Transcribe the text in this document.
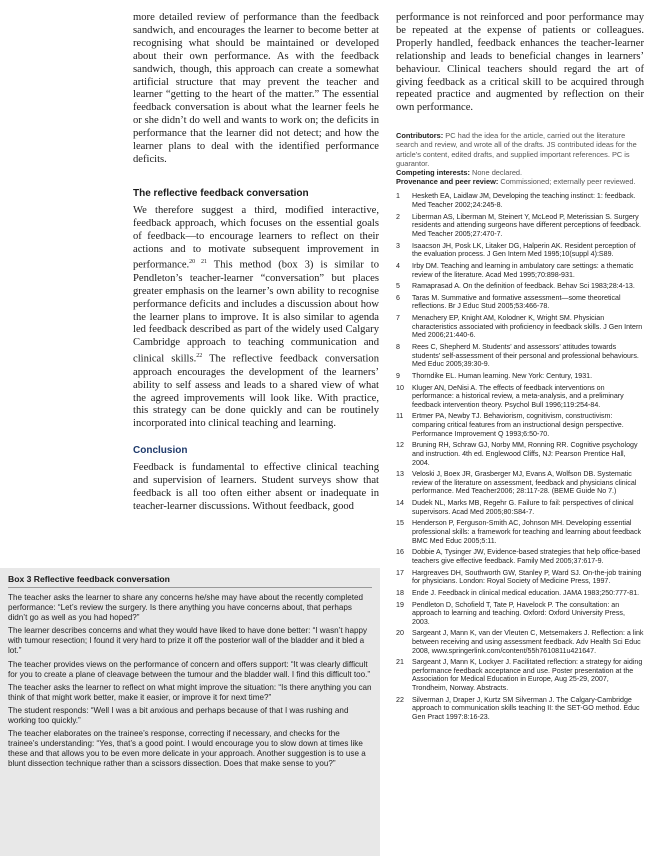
more detailed review of performance than the feedback sandwich, and encourages the learner to become better at recognising what should be maintained or developed about their own performance. As with the feedback sandwich, though, this approach can create a somewhat artificial structure that may prevent the teacher and learner “getting to the heart of the matter.” The essential feedback conversation is about what the learner feels he or she didn’t do well and wants to work on; the deficits in performance that the learner did not detect; and how the learner plans to deal with the identified performance deficits.

The reflective feedback conversation

We therefore suggest a third, modified interactive, feedback approach, which focuses on the essential goals of feedback—to encourage learners to reflect on their actions and to motivate subsequent improvement in performance.$^{20 21}$ This method (box 3) is similar to Pendleton’s teacher-learner “conversation” but places greater emphasis on the learner’s own ability to recognise performance deficits and includes a discussion about how the learner plans to improve. It is also similar to agenda led feedback described as part of the widely used Calgary Cambridge approach to teaching communication and clinical skills.$^{22}$ The reflective feedback conversation approach encourages the development of the learners’ ability to self assess and leads to a shared view of what the agreed improvements will look like. With practice, this strategy can be done quickly and can be routinely incorporated into clinical teaching and learning.

Conclusion

Feedback is fundamental to effective clinical teaching and supervision of learners. Student surveys show that feedback is all too often either absent or inadequate in teacher-learner discussions. Without feedback, good

performance is not reinforced and poor performance may be repeated at the expense of patients or colleagues. Properly handled, feedback enhances the teacher-learner relationship and leads to beneficial changes in learners’ behaviour. Clinical teachers should regard the art of giving feedback as a critical skill to be acquired through repeated practice and augmented by reflection on their own performance.

Contributors: PC had the idea for the article, carried out the literature search and review, and wrote all of the drafts. JS contributed ideas for the article’s content, edited drafts, and supplied important references. PC is guarantor.

Competing interests: None declared.

Provenance and peer review: Commissioned; externally peer reviewed.

1	Hesketh EA, Laidlaw JM, Developing the teaching instinct: 1: feedback. Med Teacher 2002;24:245-8.
2	Liberman AS, Liberman M, Steinert Y, McLeod P, Meterissian S. Surgery residents and attending surgeons have different perceptions of feedback. Med Teacher 2005;27:470-7.
3	Isaacson JH, Posk LK, Litaker DG, Halperin AK. Resident perception of the evaluation process. J Gen Intern Med 1995;10(suppl 4):S89.
4	Irby DM. Teaching and learning in ambulatory care settings: a thematic review of the literature. Acad Med 1995;70:898-931.
5	Ramaprasad A. On the definition of feedback. Behav Sci 1983;28:4-13.
6	Taras M. Summative and formative assessment—some theoretical reflections. Br J Educ Stud 2005;53:466-78.
7	Menachery EP, Knight AM, Kolodner K, Wright SM. Physician characteristics associated with proficiency in feedback skills. J Gen Intern Med 2006;21:440-6.
8	Rees C, Shepherd M. Students’ and assessors’ attitudes towards students’ self-assessment of their personal and professional behaviours. Med Educ 2005;39:30-9.
9	Thorndike EL. Human learning. New York: Century, 1931.
10	Kluger AN, DeNisi A. The effects of feedback interventions on performance: a historical review, a meta-analysis, and a preliminary feedback intervention theory. Psychol Bull 1996;119:254-84.
11	Ertmer PA, Newby TJ. Behaviorism, cognitivism, constructivism: comparing critical features from an instructional design perspective. Performance Improvement Q 1993;6:50-70.
12	Bruning RH, Schraw GJ, Norby MM, Ronning RR. Cognitive psychology and instruction. 4th ed. Englewood Cliffs, NJ: Pearson Prentice Hall, 2004.
13	Veloski J, Boex JR, Grasberger MJ, Evans A, Wolfson DB. Systematic review of the literature on assessment, feedback and physicians clinical performance. Med Teacher2006; 28:117-28. (BEME Guide No 7.)
14	Dudek NL, Marks MB, Regehr G. Failure to fail: perspectives of clinical supervisors. Acad Med 2005;80:S84-7.
15	Henderson P, Ferguson-Smith AC, Johnson MH. Developing essential professional skills: a framework for teaching and learning about feedback BMC Med Educ 2005;5:11.
16	Dobbie A, Tysinger JW, Evidence-based strategies that help office-based teachers give effective feedback. Family Med 2005;37:617-9.
17	Hargreaves DH, Southworth GW, Stanley P, Ward SJ. On-the-job training for physicians. London: Royal Society of Medicine Press, 1997.
18	Ende J. Feedback in clinical medical education. JAMA 1983;250:777-81.
19	Pendleton D, Schofield T, Tate P, Havelock P. The consultation: an approach to learning and teaching. Oxford: Oxford University Press, 2003.
20	Sargeant J, Mann K, van der Vleuten C, Metsemakers J. Reflection: a link between receiving and using assessment feedback. Adv Health Sci Educ 2008, www.springerlink.com/content/55h7610811u421647.
21	Sargeant J, Mann K, Lockyer J. Facilitated reflection: a strategy for aiding performance feedback acceptance and use. Poster presentation at the Association for Medical Education in Europe, Aug 25-29, 2007, Trondheim, Norway. Abstracts.
22	Silverman J, Draper J, Kurtz SM Silverman J. The Calgary-Cambridge approach to communication skills teaching II: the SET-GO method. Educ Gen Pract 1997:8:16-23.
Box 3 Reflective feedback conversation

The teacher asks the learner to share any concerns he/she may have about the recently completed performance: “Let’s review the surgery. Is there anything you have concerns about, that perhaps didn’t go as well as you had hoped?”

The learner describes concerns and what they would have liked to have done better: “I wasn’t happy with tumour resection; I found it very hard to prize it off the posterior wall of the bladder and it bled a lot.”

The teacher provides views on the performance of concern and offers support: “It was clearly difficult for you to create a plane of cleavage between the tumour and the bladder wall. I find this difficult too.”

The teacher asks the learner to reflect on what might improve the situation: “Is there anything you can think of that might work better, make it easier, or improve it for next time?”

The student responds: “Well I was a bit anxious and perhaps because of that I was rushing and working too quickly.”

The teacher elaborates on the trainee’s response, correcting if necessary, and checks for the trainee’s understanding: “Yes, that’s a good point. I would encourage you to slow down at times like these and that allows you to be even more delicate in your approach. Another suggestion is to use a blunt dissection technique rather than a scissors dissection. Does that make sense to you?”
